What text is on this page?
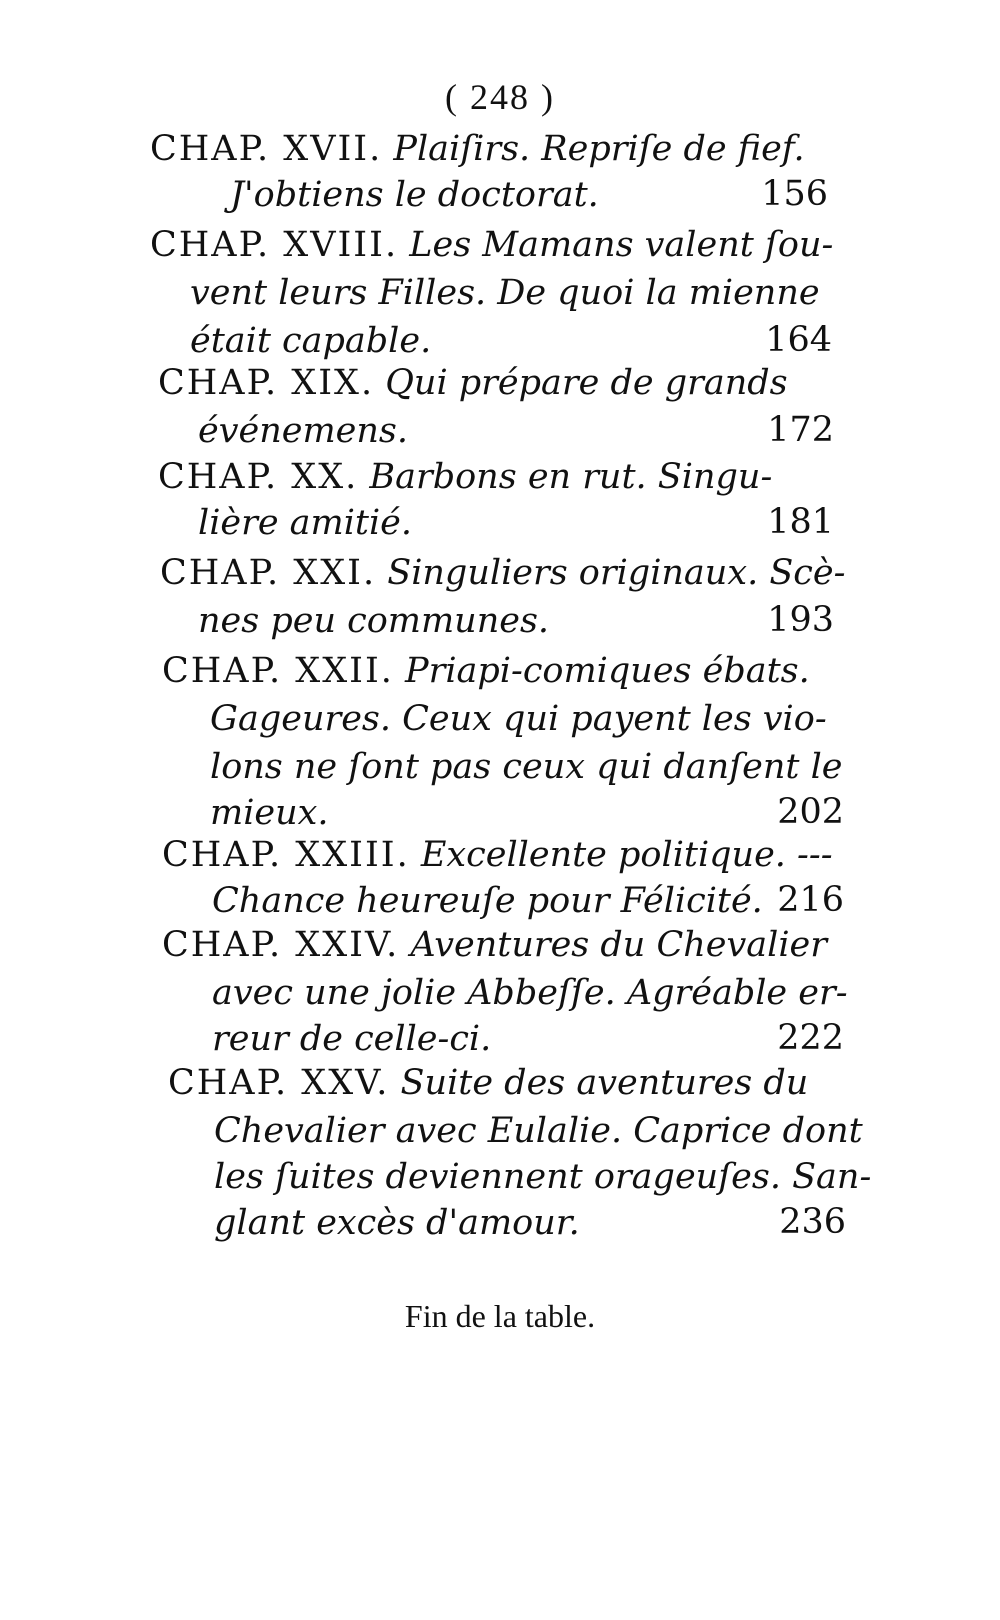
( 248 )
CHAP. XVII. Plaiſirs. Repriſe de fief.
J'obtiens le doctorat.	156
CHAP. XVIII. Les Mamans valent ſou-
vent leurs Filles. De quoi la mienne
était capable.	164
CHAP. XIX. Qui prépare de grands
événemens.	172
CHAP. XX. Barbons en rut. Singu-
lière amitié.	181
CHAP. XXI. Singuliers originaux. Scè-
nes peu communes.	193
CHAP. XXII. Priapi-comiques ébats.
Gageures. Ceux qui payent les vio-
lons ne ſont pas ceux qui danſent le
mieux.	202
CHAP. XXIII. Excellente politique. ---
Chance heureuſe pour Félicité. 216
CHAP. XXIV. Aventures du Chevalier
avec une jolie Abbeſſe. Agréable er-
reur de celle-ci.	222
CHAP. XXV. Suite des aventures du
Chevalier avec Eulalie. Caprice dont
les ſuites deviennent orageuſes. San-
glant excès d'amour.	236
Fin de la table.
